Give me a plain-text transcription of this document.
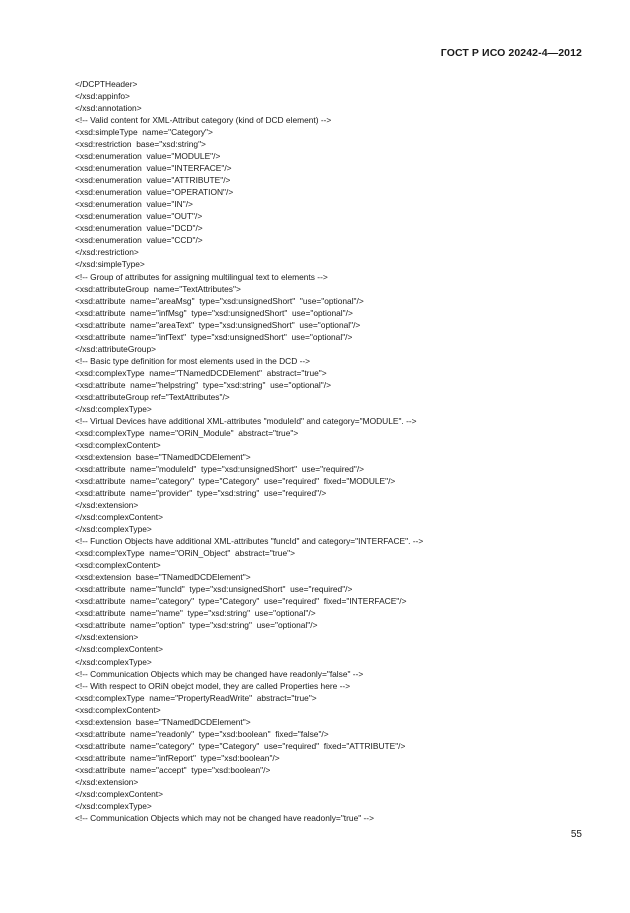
ГОСТ Р ИСО 20242-4—2012
</DCPTHeader>
</xsd:appinfo>
</xsd:annotation>
<!-- Valid content for XML-Attribut category (kind of DCD element) -->
<xsd:simpleType  name="Category">
<xsd:restriction  base="xsd:string">
<xsd:enumeration  value="MODULE"/>
<xsd:enumeration  value="INTERFACE"/>
<xsd:enumeration  value="ATTRIBUTE"/>
<xsd:enumeration  value="OPERATION"/>
<xsd:enumeration  value="IN"/>
<xsd:enumeration  value="OUT"/>
<xsd:enumeration  value="DCD"/>
<xsd:enumeration  value="CCD"/>
</xsd:restriction>
</xsd:simpleType>
<!-- Group of attributes for assigning multilingual text to elements -->
<xsd:attributeGroup  name="TextAttributes">
<xsd:attribute  name="areaMsg"  type="xsd:unsignedShort"  "use="optional"/>
<xsd:attribute  name="infMsg"  type="xsd:unsignedShort"  use="optional"/>
<xsd:attribute  name="areaText"  type="xsd:unsignedShort"  use="optional"/>
<xsd:attribute  name="infText"  type="xsd:unsignedShort"  use="optional"/>
</xsd:attributeGroup>
<!-- Basic type definition for most elements used in the DCD -->
<xsd:complexType  name="TNamedDCDElement"  abstract="true">
<xsd:attribute  name="helpstring"  type="xsd:string"  use="optional"/>
<xsd:attributeGroup ref="TextAttributes"/>
</xsd:complexType>
<!-- Virtual Devices have additional XML-attributes "moduleId" and category="MODULE". -->
<xsd:complexType  name="ORiN_Module"  abstract="true">
<xsd:complexContent>
<xsd:extension  base="TNamedDCDElement">
<xsd:attribute  name="moduleId"  type="xsd:unsignedShort"  use="required"/>
<xsd:attribute  name="category"  type="Category"  use="required"  fixed="MODULE"/>
<xsd:attribute  name="provider"  type="xsd:string"  use="required"/>
</xsd:extension>
</xsd:complexContent>
</xsd:complexType>
<!-- Function Objects have additional XML-attributes "funcId" and category="INTERFACE". -->
<xsd:complexType  name="ORiN_Object"  abstract="true">
<xsd:complexContent>
<xsd:extension  base="TNamedDCDElement">
<xsd:attribute  name="funcId"  type="xsd:unsignedShort"  use="required"/>
<xsd:attribute  name="category"  type="Category"  use="required"  fixed="INTERFACE"/>
<xsd:attribute  name="name"  type="xsd:string"  use="optional"/>
<xsd:attribute  name="option"  type="xsd:string"  use="optional"/>
</xsd:extension>
</xsd:complexContent>
</xsd:complexType>
<!-- Communication Objects which may be changed have readonly="false" -->
<!-- With respect to ORiN obejct model, they are called Properties here -->
<xsd:complexType  name="PropertyReadWrite"  abstract="true">
<xsd:complexContent>
<xsd:extension  base="TNamedDCDElement">
<xsd:attribute  name="readonly"  type="xsd:boolean"  fixed="false"/>
<xsd:attribute  name="category"  type="Category"  use="required"  fixed="ATTRIBUTE"/>
<xsd:attribute  name="infReport"  type="xsd:boolean"/>
<xsd:attribute  name="accept"  type="xsd:boolean"/>
</xsd:extension>
</xsd:complexContent>
</xsd:complexType>
<!-- Communication Objects which may not be changed have readonly="true" -->
55
